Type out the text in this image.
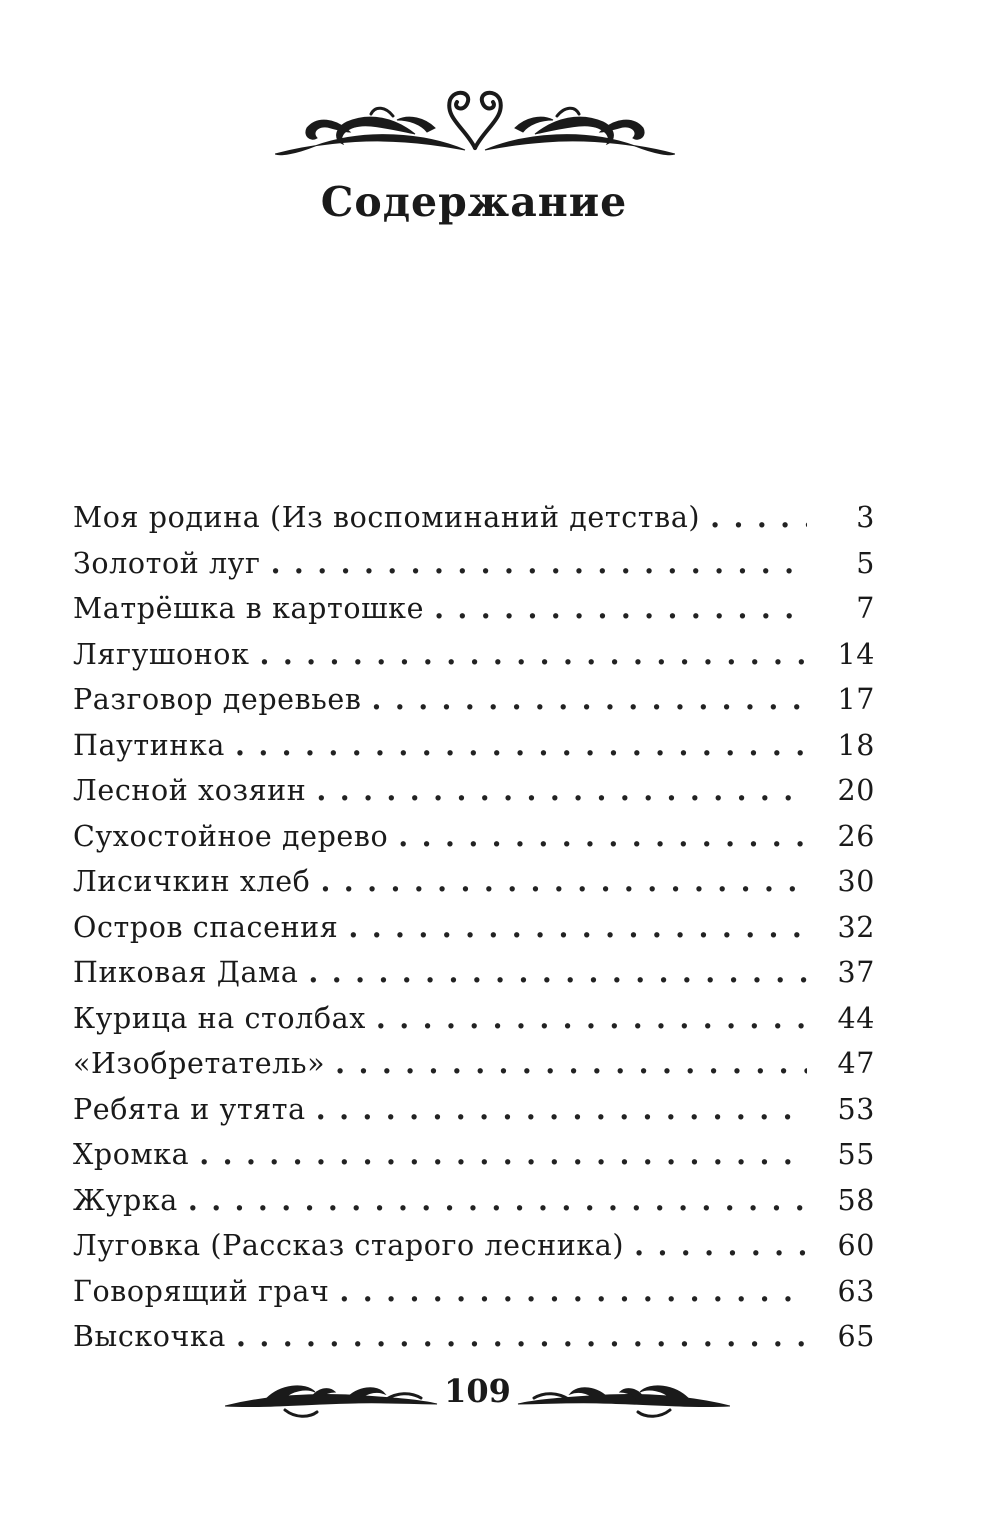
Содержание
Моя родина (Из воспоминаний детства) . . .	3
Золотой луг . . .	5
Матрёшка в картошке . . .	7
Лягушонок . . .	14
Разговор деревьев . . .	17
Паутинка . . .	18
Лесной хозяин . . .	20
Сухостойное дерево . . .	26
Лисичкин хлеб . . .	30
Остров спасения . . .	32
Пиковая Дама . . .	37
Курица на столбах . . .	44
«Изобретатель» . . .	47
Ребята и утята . . .	53
Хромка . . .	55
Журка . . .	58
Луговка (Рассказ старого лесника) . . .	60
Говорящий грач . . .	63
Выскочка . . .	65
109
